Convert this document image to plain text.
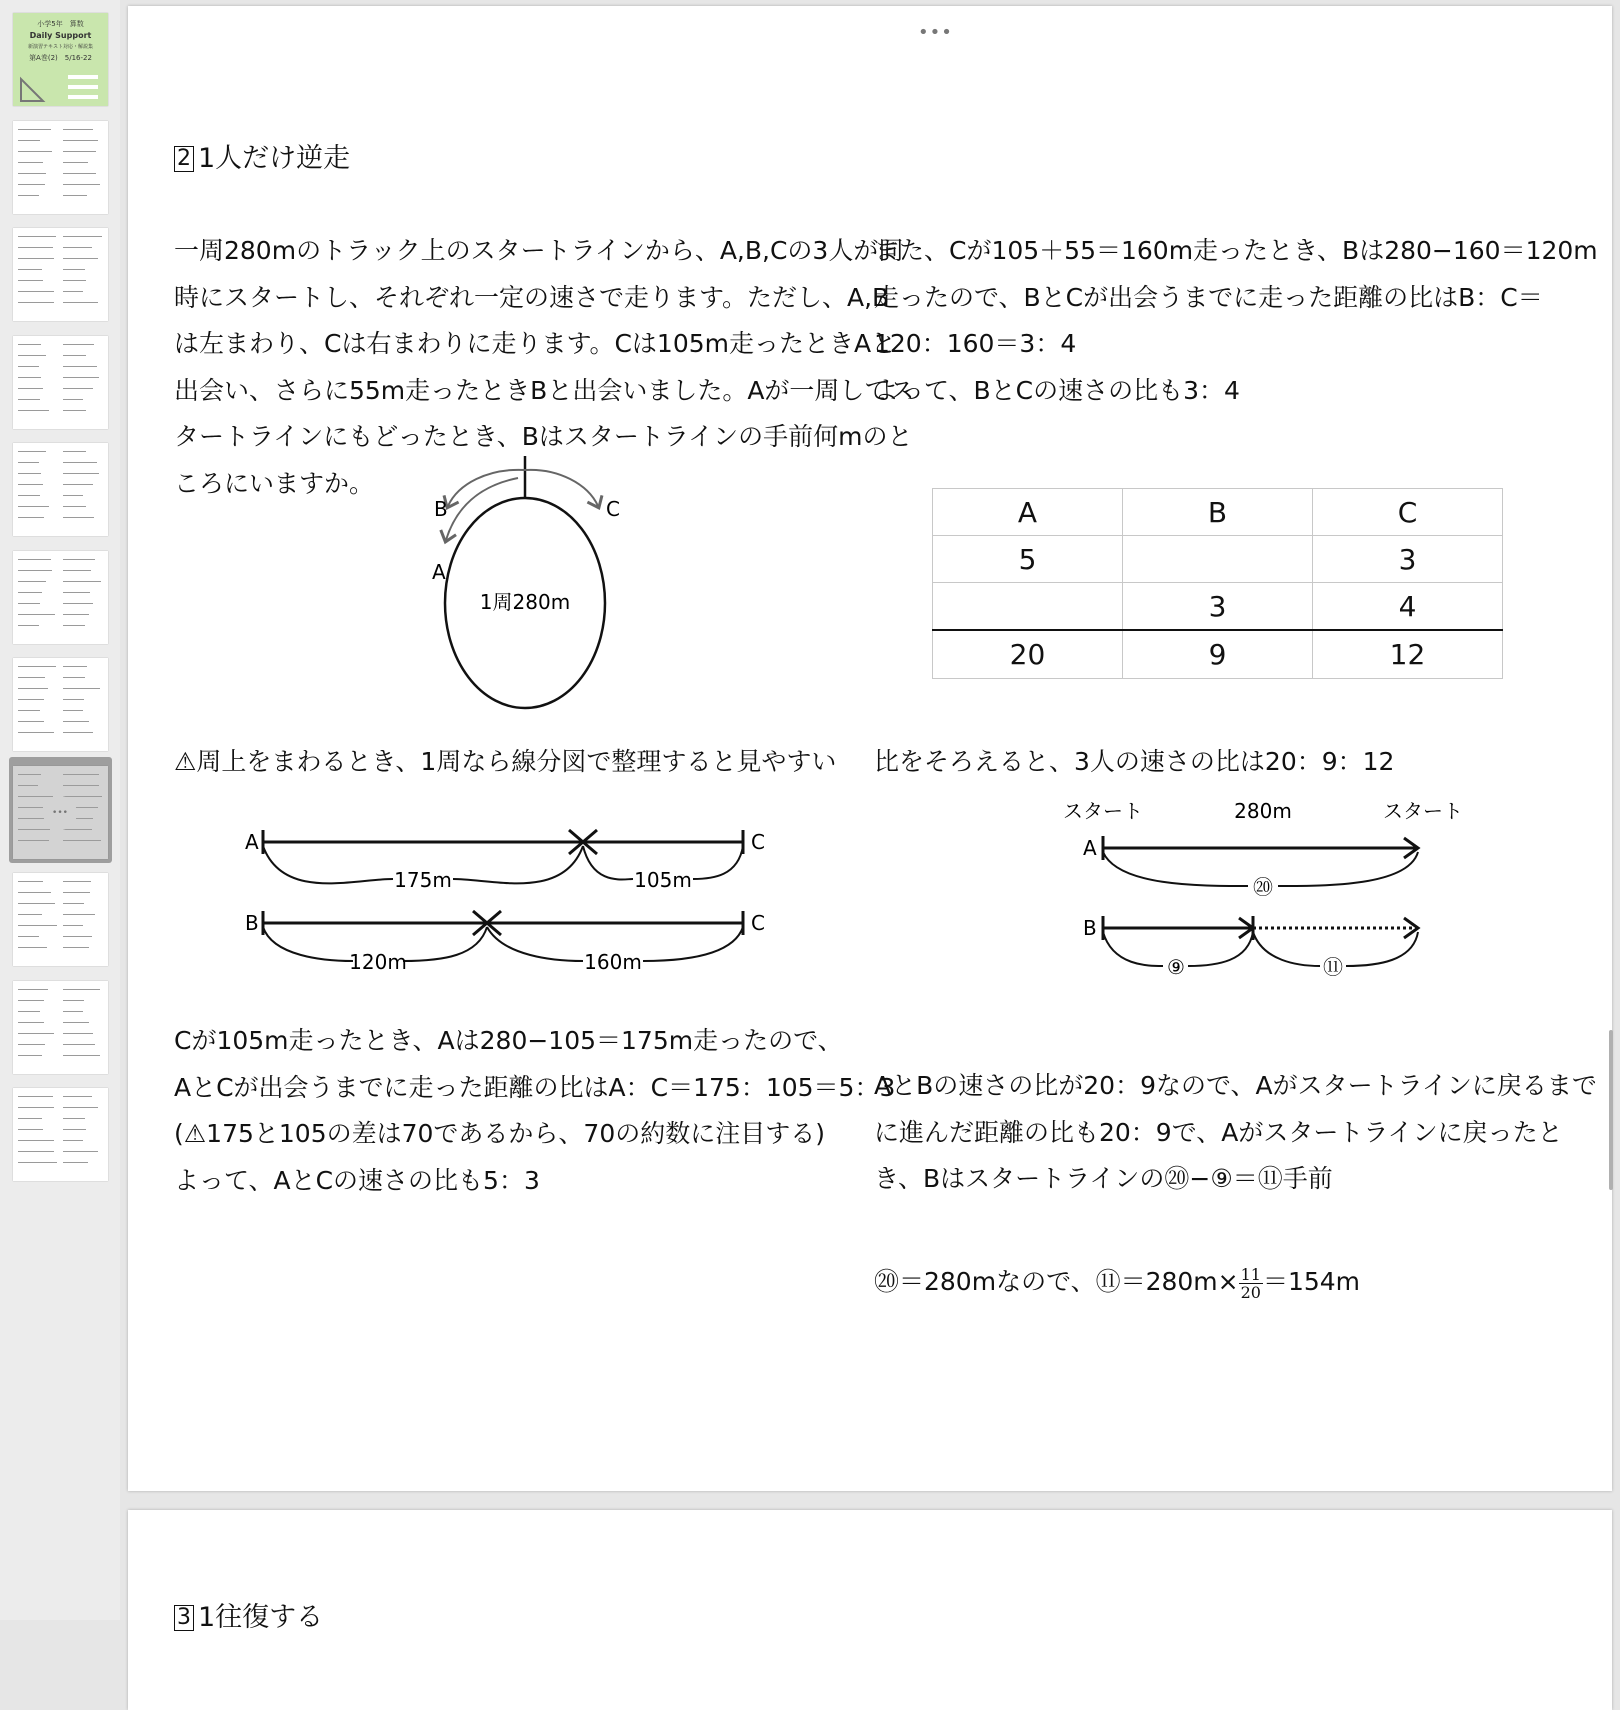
小学5年　算数
Daily Support
新演習テキスト対応・解説集
第A巻(2)　5/16-22
•••
•••
2 1人だけ逆走
一周280mのトラック上のスタートラインから、A,B,Cの3人が同
時にスタートし、それぞれ一定の速さで走ります。ただし、A,B
は左まわり、Cは右まわりに走ります。Cは105m走ったときAと
出会い、さらに55m走ったときBと出会いました。Aが一周してス
タートラインにもどったとき、Bはスタートラインの手前何mのと
ころにいますか。
B	C
A
1周280m
⚠周上をまわるとき、1周なら線分図で整理すると見やすい
A	C
175m	105m
B	C
120m	160m
Cが105m走ったとき、Aは280−105＝175m走ったので、
AとCが出会うまでに走った距離の比はA：C＝175：105＝5：3
(⚠175と105の差は70であるから、70の約数に注目する)
よって、AとCの速さの比も5：3
また、Cが105＋55＝160m走ったとき、Bは280−160＝120m
走ったので、BとCが出会うまでに走った距離の比はB：C＝
120：160＝3：4
よって、BとCの速さの比も3：4
A	B	C
5		3
	3	4
20	9	12
比をそろえると、3人の速さの比は20：9：12
スタート	280m	スタート
A
⑳
B
⑨	⑪
AとBの速さの比が20：9なので、Aがスタートラインに戻るまで
に進んだ距離の比も20：9で、Aがスタートラインに戻ったと
き、Bはスタートラインの⑳−⑨＝⑪手前
⑳＝280mなので、⑪＝280m× $\frac{11}{20} =154m$
3 1往復する
